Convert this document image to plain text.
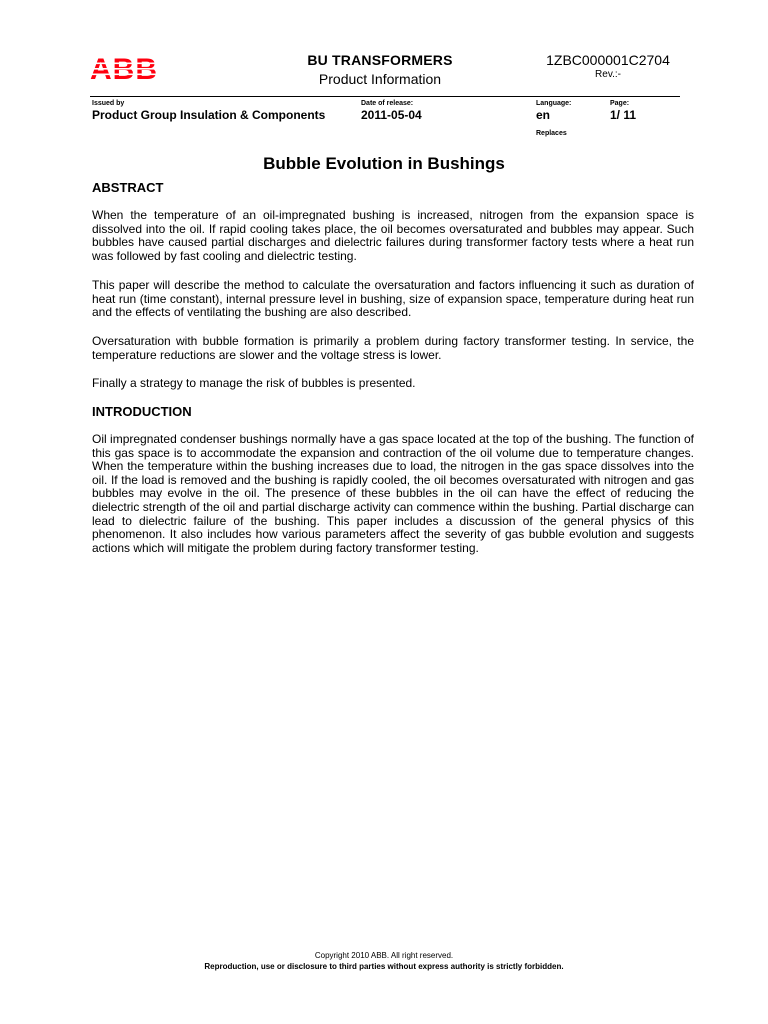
BU TRANSFORMERS
Product Information
1ZBC000001C2704
Rev.:-
Issued by
Product Group Insulation & Components
Date of release:
2011-05-04
Language:
en
Replaces
Page:
1/ 11
Bubble Evolution in Bushings
ABSTRACT
When the temperature of an oil-impregnated bushing is increased, nitrogen from the expansion space is dissolved into the oil. If rapid cooling takes place, the oil becomes oversaturated and bubbles may appear. Such bubbles have caused partial discharges and dielectric failures during transformer factory tests where a heat run was followed by fast cooling and dielectric testing.
This paper will describe the method to calculate the oversaturation and factors influencing it such as duration of heat run (time constant), internal pressure level in bushing, size of expansion space, temperature during heat run and the effects of ventilating the bushing are also described.
Oversaturation with bubble formation is primarily a problem during factory transformer testing. In service, the temperature reductions are slower and the voltage stress is lower.
Finally a strategy to manage the risk of bubbles is presented.
INTRODUCTION
Oil impregnated condenser bushings normally have a gas space located at the top of the bushing. The function of this gas space is to accommodate the expansion and contraction of the oil volume due to temperature changes. When the temperature within the bushing increases due to load, the nitrogen in the gas space dissolves into the oil. If the load is removed and the bushing is rapidly cooled, the oil becomes oversaturated with nitrogen and gas bubbles may evolve in the oil. The presence of these bubbles in the oil can have the effect of reducing the dielectric strength of the oil and partial discharge activity can commence within the bushing. Partial discharge can lead to dielectric failure of the bushing. This paper includes a discussion of the general physics of this phenomenon. It also includes how various parameters affect the severity of gas bubble evolution and suggests actions which will mitigate the problem during factory transformer testing.
Copyright 2010 ABB. All right reserved.
Reproduction, use or disclosure to third parties without express authority is strictly forbidden.
